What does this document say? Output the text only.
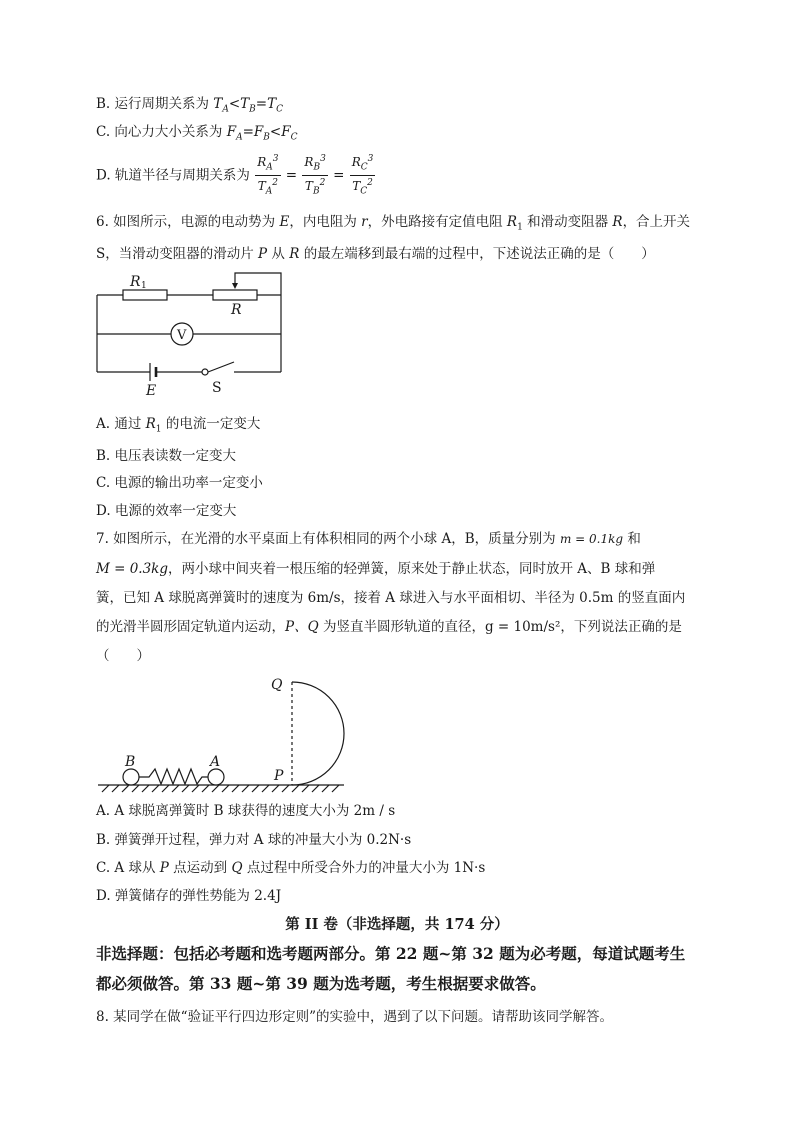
B. 运行周期关系为 $T_A<T_B=T_C$
C. 向心力大小关系为 $F_A=F_B<F_C$
D. 轨道半径与周期关系为 $\frac{R_A^3}{T_A^2} = \frac{R_B^3}{T_B^2} = \frac{R_C^3}{T_C^2}$
6. 如图所示，电源的电动势为 E，内电阻为 r，外电路接有定值电阻 $R_1$ 和滑动变阻器 R，合上开关
S，当滑动变阻器的滑动片 P 从 R 的最左端移到最右端的过程中，下述说法正确的是（　　）
R 1
R
V
E	S
A. 通过 $R_1$ 的电流一定变大
B. 电压表读数一定变大
C. 电源的输出功率一定变小
D. 电源的效率一定变大
7. 如图所示，在光滑的水平桌面上有体积相同的两个小球 A，B，质量分别为 m = 0.1kg 和
M = 0.3kg，两小球中间夹着一根压缩的轻弹簧，原来处于静止状态，同时放开 A、B 球和弹
簧，已知 A 球脱离弹簧时的速度为 6m/s，接着 A 球进入与水平面相切、半径为 0.5m 的竖直面内
的光滑半圆形固定轨道内运动，P、Q 为竖直半圆形轨道的直径，g = 10m/s²，下列说法正确的是
（　　）
Q
P
B	A
A. A 球脱离弹簧时 B 球获得的速度大小为 2m / s
B. 弹簧弹开过程，弹力对 A 球的冲量大小为 0.2N·s
C. A 球从 P 点运动到 Q 点过程中所受合外力的冲量大小为 1N·s
D. 弹簧储存的弹性势能为 2.4J
第 II 卷（非选择题，共 174 分）
非选择题：包括必考题和选考题两部分。第 22 题~第 32 题为必考题，每道试题考生
都必须做答。第 33 题~第 39 题为选考题，考生根据要求做答。
8. 某同学在做“验证平行四边形定则”的实验中，遇到了以下问题。请帮助该同学解答。
